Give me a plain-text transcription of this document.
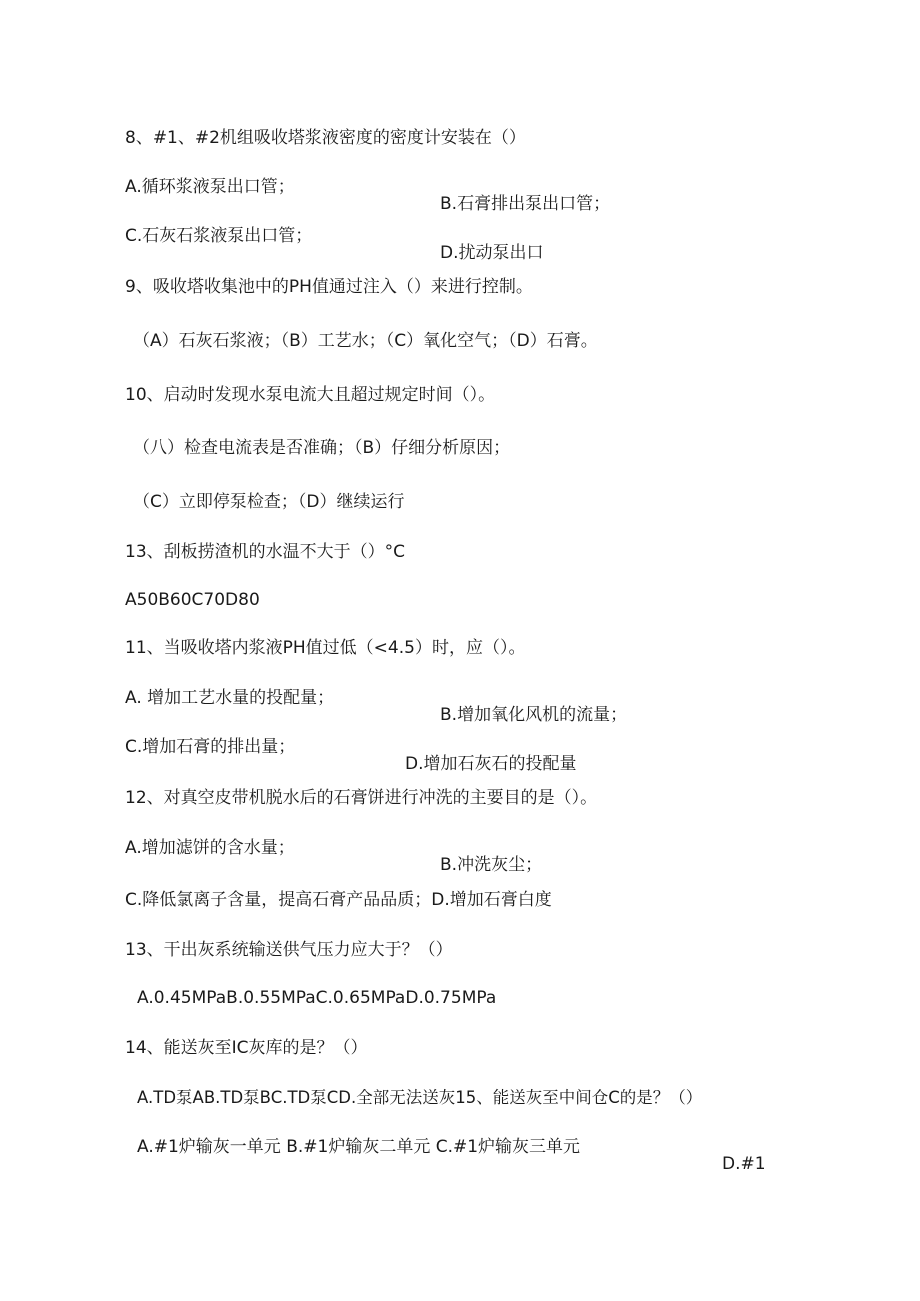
8、#1、#2机组吸收塔浆液密度的密度计安装在（）

A.循环浆液泵出口管；

B.石膏排出泵出口管；

C.石灰石浆液泵出口管；

D.扰动泵出口

9、吸收塔收集池中的PH值通过注入（）来进行控制。

（A）石灰石浆液；（B）工艺水；（C）氧化空气；（D）石膏。

10、启动时发现水泵电流大且超过规定时间（）。

（八）检查电流表是否准确；（B）仔细分析原因；

（C）立即停泵检查；（D）继续运行

13、刮板捞渣机的水温不大于（）°C

A50B60C70D80

11、当吸收塔内浆液PH值过低（<4.5）时，应（）。

A. 增加工艺水量的投配量；

B.增加氧化风机的流量；

C.增加石膏的排出量；

D.增加石灰石的投配量

12、对真空皮带机脱水后的石膏饼进行冲洗的主要目的是（）。

A.增加滤饼的含水量；

B.冲洗灰尘；

C.降低氯离子含量，提高石膏产品品质；D.增加石膏白度

13、干出灰系统输送供气压力应大于？（）

A.0.45MPaB.0.55MPaC.0.65MPaD.0.75MPa

14、能送灰至IC灰库的是？（）

A.TD泵AB.TD泵BC.TD泵CD.全部无法送灰15、能送灰至中间仓C的是？（）

A.#1炉输灰一单元 B.#1炉输灰二单元 C.#1炉输灰三单元

D.#1
